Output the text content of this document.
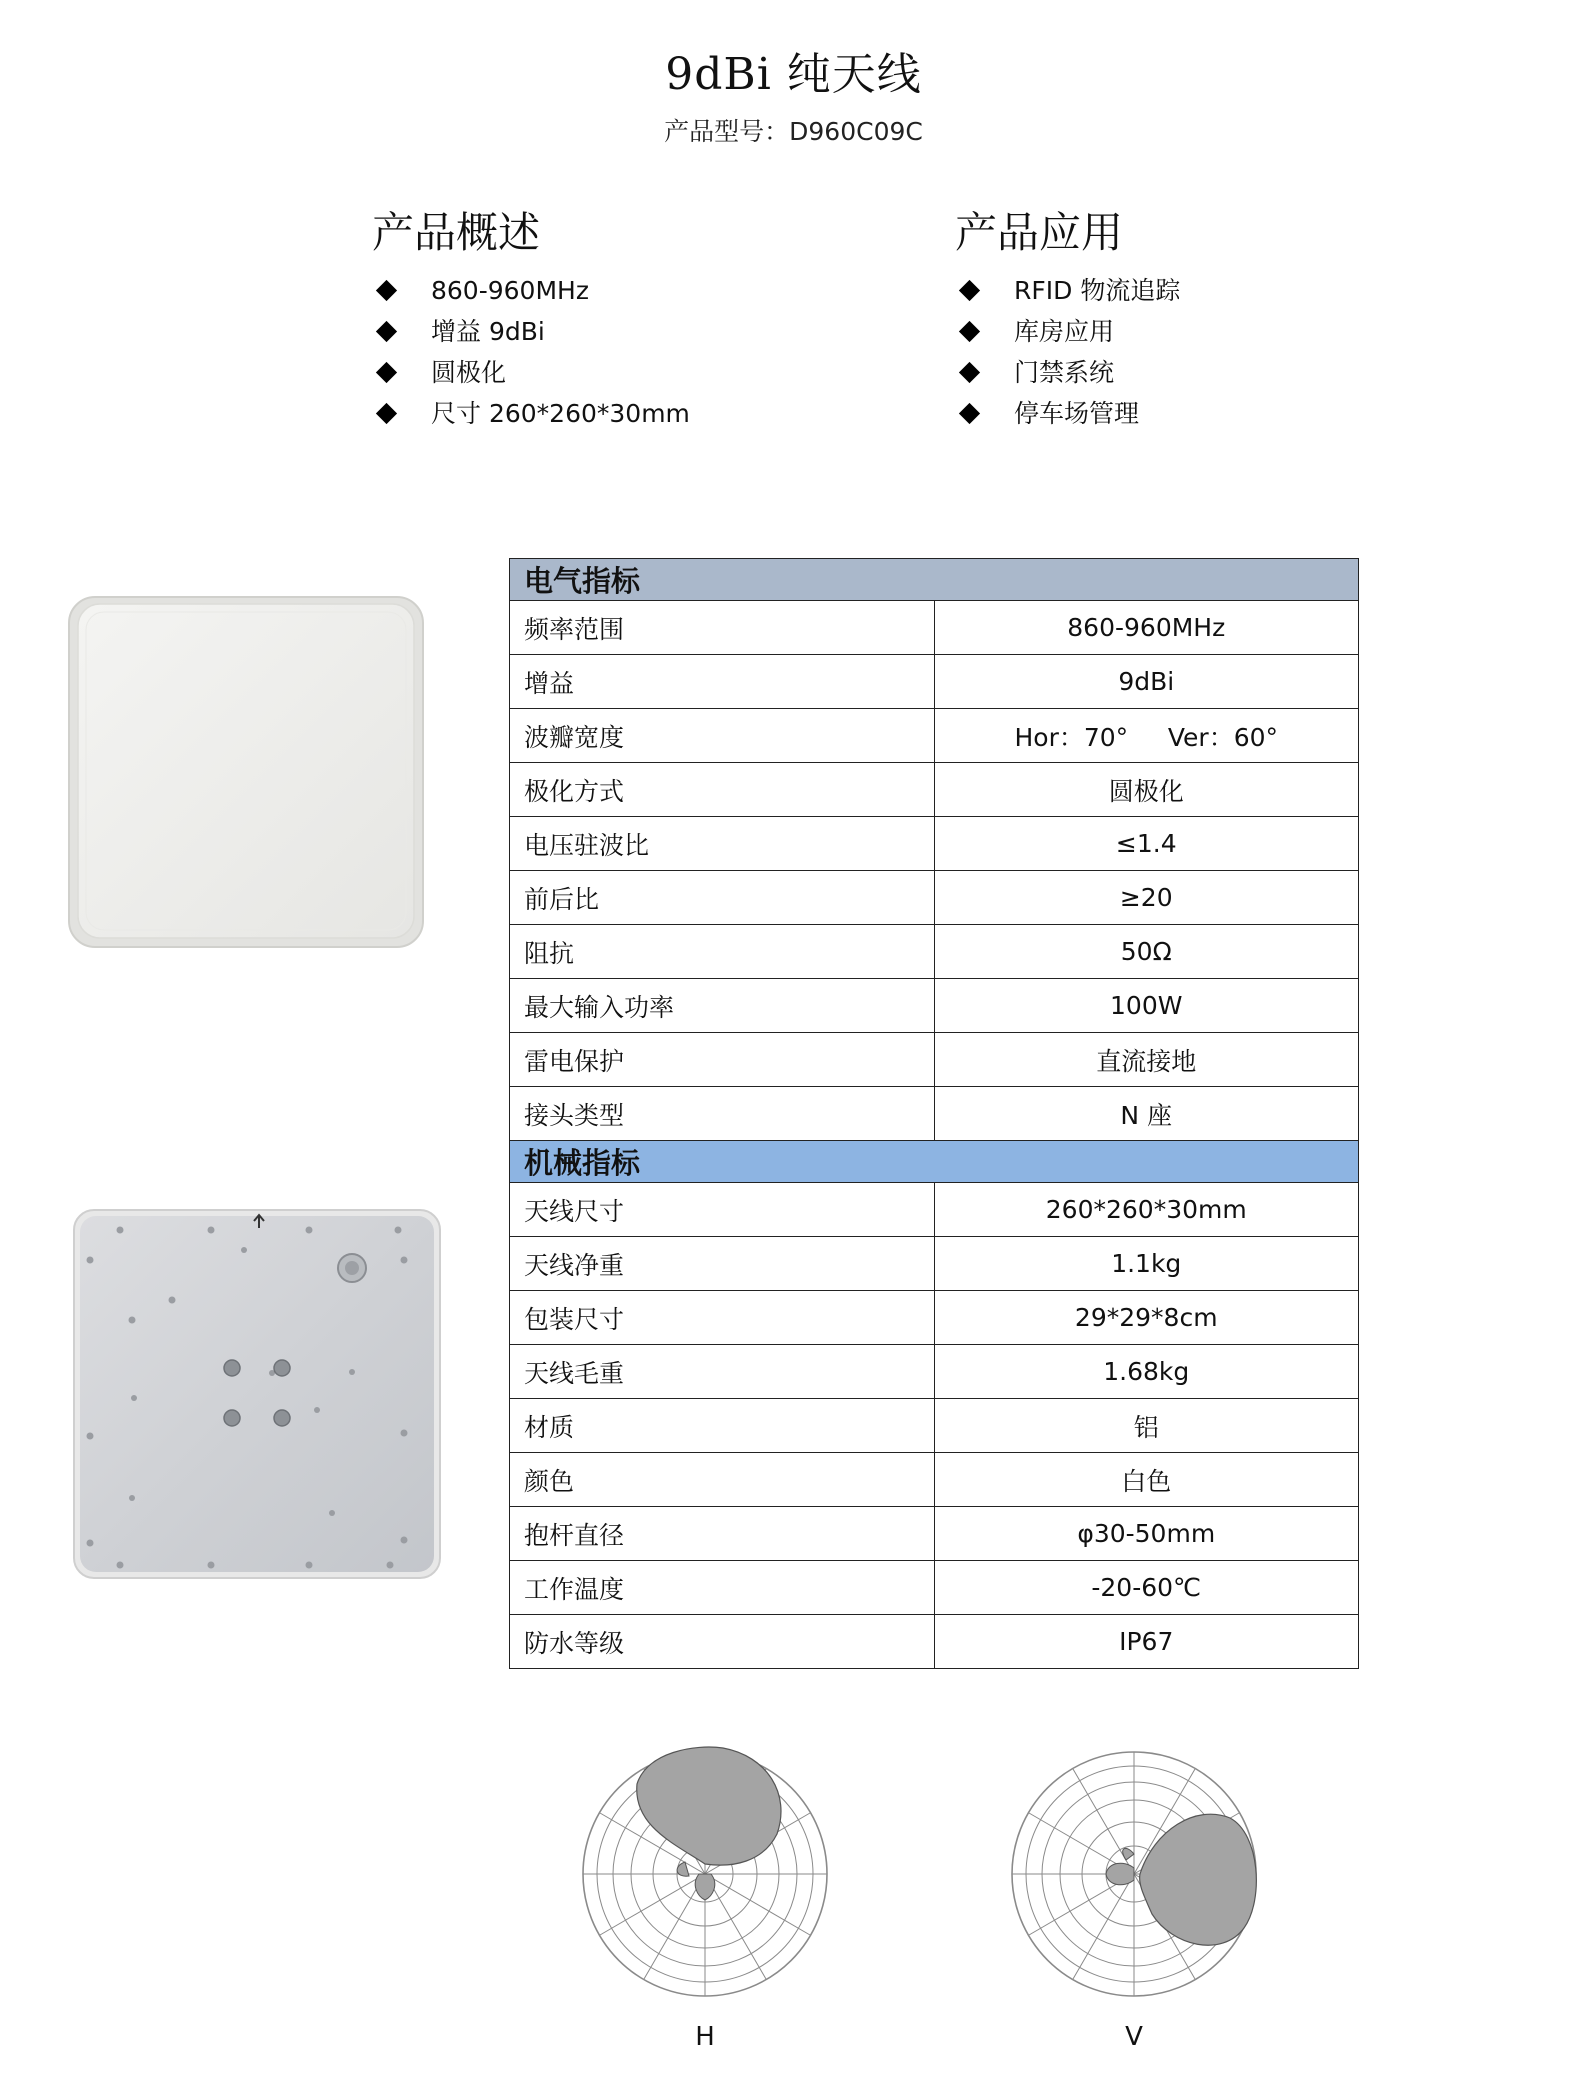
9dBi 纯天线
产品型号：D960C09C
产品概述
860-960MHz
增益 9dBi
圆极化
尺寸 260*260*30mm
产品应用
RFID 物流追踪
库房应用
门禁系统
停车场管理
电气指标	
频率范围	860-960MHz
增益	9dBi
波瓣宽度	Hor：70°     Ver：60°
极化方式	圆极化
电压驻波比	≤1.4
前后比	≥20
阻抗	50Ω
最大输入功率	100W
雷电保护	直流接地
接头类型	N 座
机械指标	
天线尺寸	260*260*30mm
天线净重	1.1kg
包装尺寸	29*29*8cm
天线毛重	1.68kg
材质	铝
颜色	白色
抱杆直径	φ30-50mm
工作温度	-20-60℃
防水等级	IP67
H	V
